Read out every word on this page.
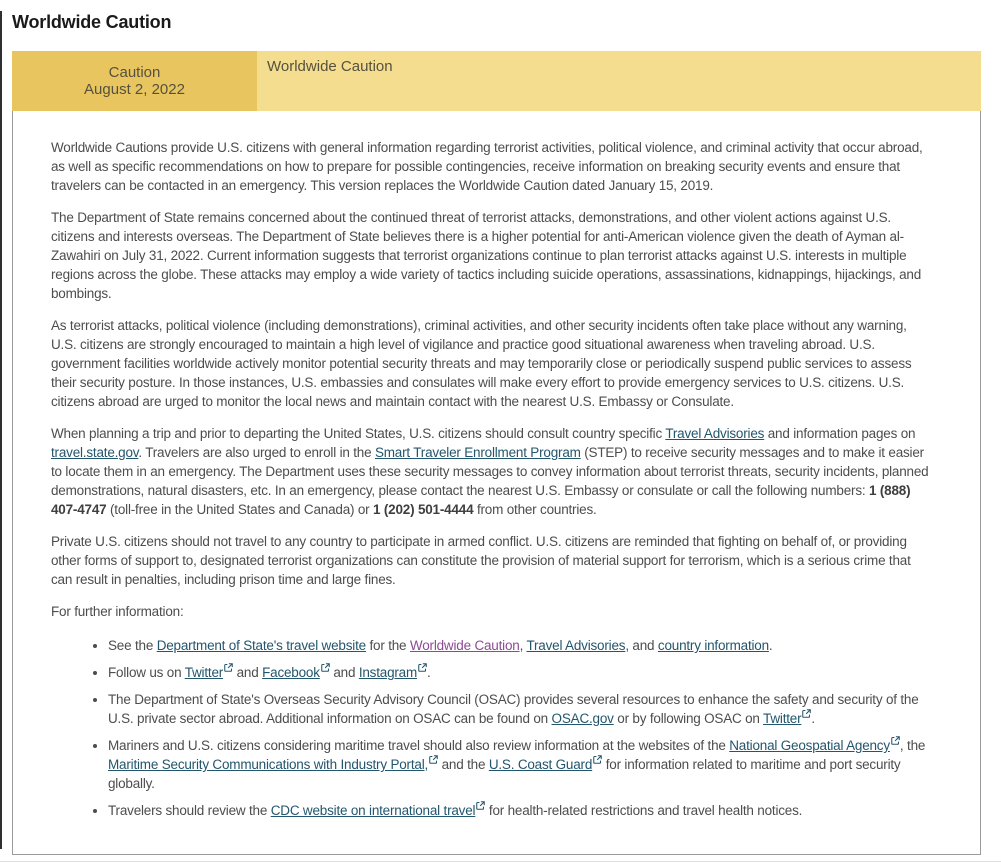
Worldwide Caution
Caution
August 2, 2022
Worldwide Caution

Worldwide Cautions provide U.S. citizens with general information regarding terrorist activities, political violence, and criminal activity that occur abroad, as well as specific recommendations on how to prepare for possible contingencies, receive information on breaking security events and ensure that travelers can be contacted in an emergency. This version replaces the Worldwide Caution dated January 15, 2019.

The Department of State remains concerned about the continued threat of terrorist attacks, demonstrations, and other violent actions against U.S. citizens and interests overseas. The Department of State believes there is a higher potential for anti-American violence given the death of Ayman al-Zawahiri on July 31, 2022. Current information suggests that terrorist organizations continue to plan terrorist attacks against U.S. interests in multiple regions across the globe. These attacks may employ a wide variety of tactics including suicide operations, assassinations, kidnappings, hijackings, and bombings.

As terrorist attacks, political violence (including demonstrations), criminal activities, and other security incidents often take place without any warning, U.S. citizens are strongly encouraged to maintain a high level of vigilance and practice good situational awareness when traveling abroad. U.S. government facilities worldwide actively monitor potential security threats and may temporarily close or periodically suspend public services to assess their security posture. In those instances, U.S. embassies and consulates will make every effort to provide emergency services to U.S. citizens. U.S. citizens abroad are urged to monitor the local news and maintain contact with the nearest U.S. Embassy or Consulate.

When planning a trip and prior to departing the United States, U.S. citizens should consult country specific Travel Advisories and information pages on travel.state.gov. Travelers are also urged to enroll in the Smart Traveler Enrollment Program (STEP) to receive security messages and to make it easier to locate them in an emergency. The Department uses these security messages to convey information about terrorist threats, security incidents, planned demonstrations, natural disasters, etc. In an emergency, please contact the nearest U.S. Embassy or consulate or call the following numbers: 1 (888) 407-4747 (toll-free in the United States and Canada) or 1 (202) 501-4444 from other countries.

Private U.S. citizens should not travel to any country to participate in armed conflict. U.S. citizens are reminded that fighting on behalf of, or providing other forms of support to, designated terrorist organizations can constitute the provision of material support for terrorism, which is a serious crime that can result in penalties, including prison time and large fines.

For further information:

• See the Department of State's travel website for the Worldwide Caution, Travel Advisories, and country information.
• Follow us on Twitter
and Facebook
and Instagram .
• The Department of State's Overseas Security Advisory Council (OSAC) provides several resources to enhance the safety and security of the U.S. private sector abroad. Additional information on OSAC can be found on OSAC.gov or by following OSAC on Twitter .
• Mariners and U.S. citizens considering maritime travel should also review information at the websites of the National Geospatial Agency , the Maritime Security Communications with Industry Portal,
and the U.S. Coast Guard
for information related to maritime and port security globally.
• Travelers should review the CDC website on international travel
for health-related restrictions and travel health notices.
